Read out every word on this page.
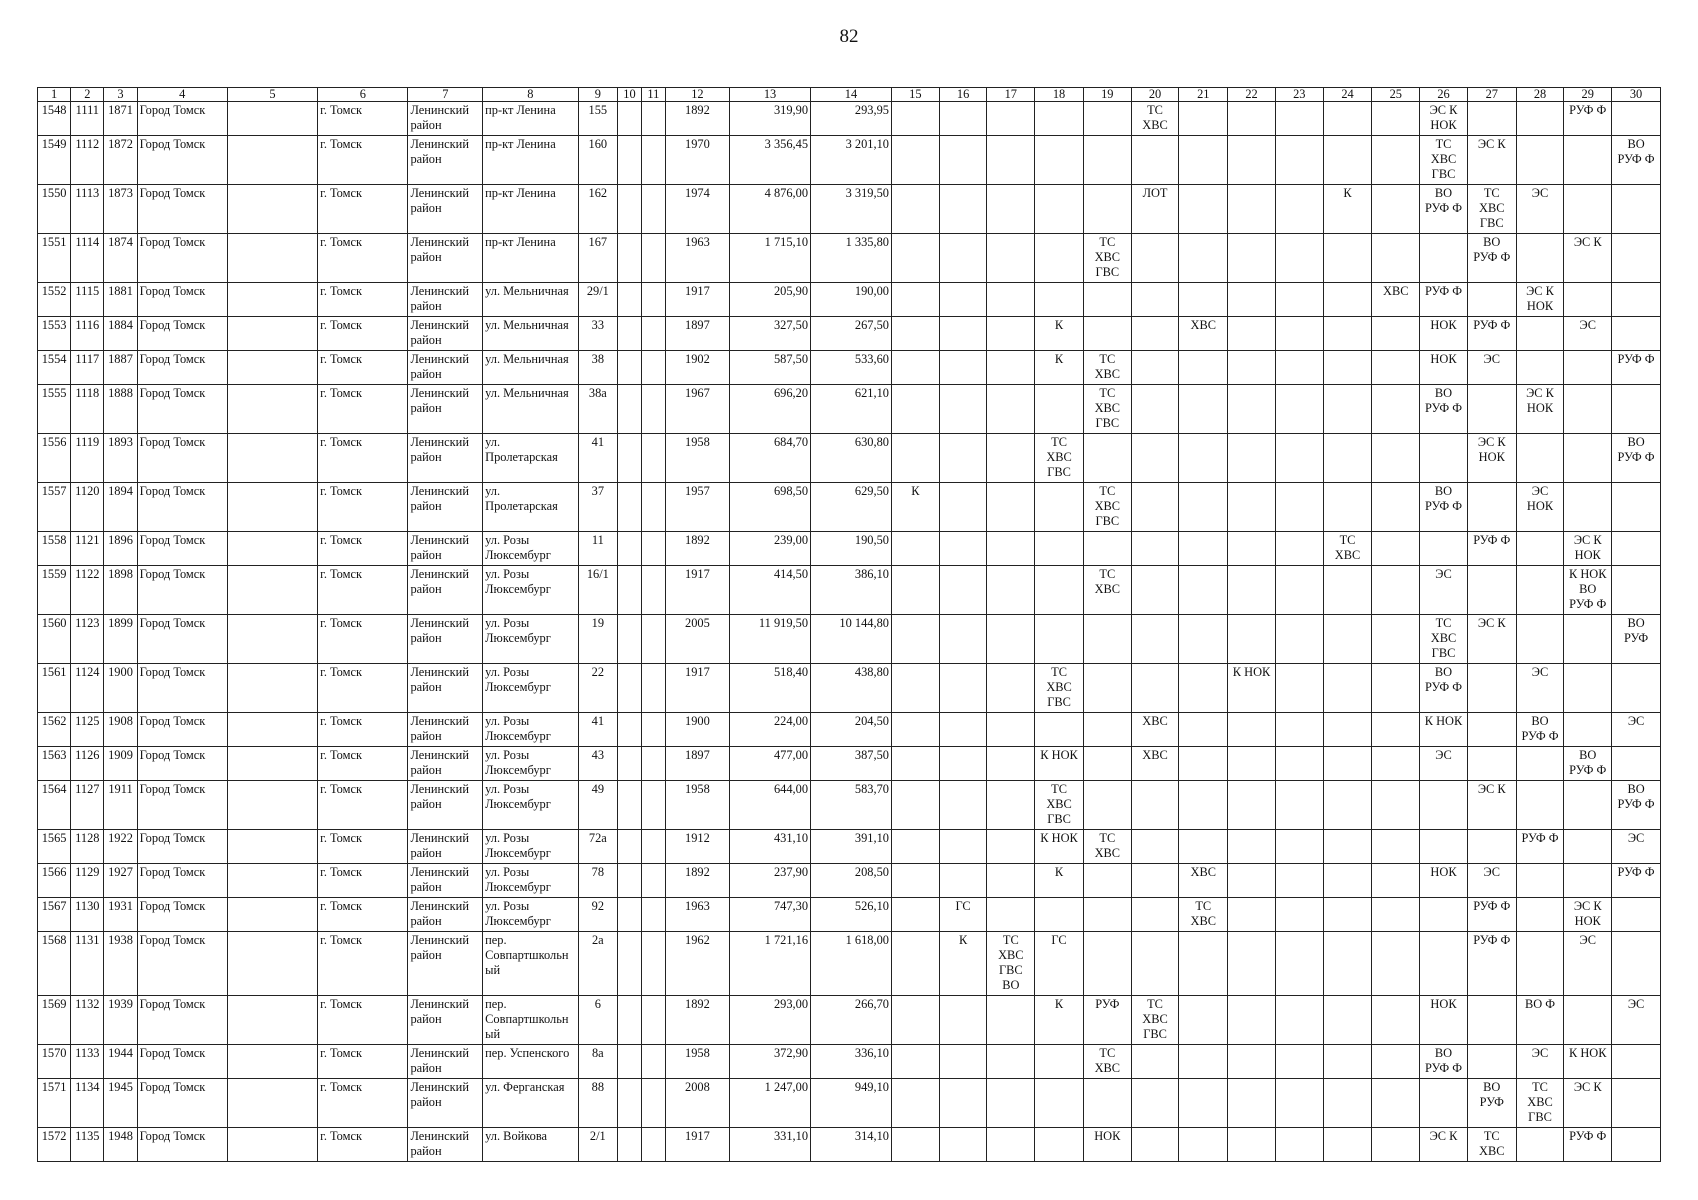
82
1	2	3	4	5	6	7	8	9	10	11	12	13	14	15	16	17	18	19	20	21	22	23	24	25	26	27	28	29	30
1548	1111	1871	Город Томск		г. Томск	Ленинский
район	пр-кт Ленина	155			1892	319,90	293,95						ТС
ХВС						ЭС К
НОК			РУФ Ф	
1549	1112	1872	Город Томск		г. Томск	Ленинский
район	пр-кт Ленина	160			1970	3 356,45	3 201,10												ТС
ХВС
ГВС	ЭС К			ВО
РУФ Ф
1550	1113	1873	Город Томск		г. Томск	Ленинский
район	пр-кт Ленина	162			1974	4 876,00	3 319,50						ЛОТ				К		ВО
РУФ Ф	ТС
ХВС
ГВС	ЭС		
1551	1114	1874	Город Томск		г. Томск	Ленинский
район	пр-кт Ленина	167			1963	1 715,10	1 335,80					ТС
ХВС
ГВС								ВО
РУФ Ф		ЭС К	
1552	1115	1881	Город Томск		г. Томск	Ленинский
район	ул. Мельничная	29/1			1917	205,90	190,00											ХВС	РУФ Ф		ЭС К
НОК		
1553	1116	1884	Город Томск		г. Томск	Ленинский
район	ул. Мельничная	33			1897	327,50	267,50				К			ХВС					НОК	РУФ Ф		ЭС	
1554	1117	1887	Город Томск		г. Томск	Ленинский
район	ул. Мельничная	38			1902	587,50	533,60				К	ТС
ХВС							НОК	ЭС			РУФ Ф
1555	1118	1888	Город Томск		г. Томск	Ленинский
район	ул. Мельничная	38а			1967	696,20	621,10					ТС
ХВС
ГВС							ВО
РУФ Ф		ЭС К
НОК		
1556	1119	1893	Город Томск		г. Томск	Ленинский
район	ул.
Пролетарская	41			1958	684,70	630,80				ТС
ХВС
ГВС									ЭС К
НОК			ВО
РУФ Ф
1557	1120	1894	Город Томск		г. Томск	Ленинский
район	ул.
Пролетарская	37			1957	698,50	629,50	К				ТС
ХВС
ГВС							ВО
РУФ Ф		ЭС
НОК		
1558	1121	1896	Город Томск		г. Томск	Ленинский
район	ул. Розы
Люксембург	11			1892	239,00	190,50										ТС
ХВС			РУФ Ф		ЭС К
НОК	
1559	1122	1898	Город Томск		г. Томск	Ленинский
район	ул. Розы
Люксембург	16/1			1917	414,50	386,10					ТС
ХВС							ЭС			К НОК
ВО
РУФ Ф	
1560	1123	1899	Город Томск		г. Томск	Ленинский
район	ул. Розы
Люксембург	19			2005	11 919,50	10 144,80												ТС
ХВС
ГВС	ЭС К			ВО
РУФ
1561	1124	1900	Город Томск		г. Томск	Ленинский
район	ул. Розы
Люксембург	22			1917	518,40	438,80				ТС
ХВС
ГВС				К НОК				ВО
РУФ Ф		ЭС		
1562	1125	1908	Город Томск		г. Томск	Ленинский
район	ул. Розы
Люксембург	41			1900	224,00	204,50						ХВС						К НОК		ВО
РУФ Ф		ЭС
1563	1126	1909	Город Томск		г. Томск	Ленинский
район	ул. Розы
Люксембург	43			1897	477,00	387,50				К НОК		ХВС						ЭС			ВО
РУФ Ф	
1564	1127	1911	Город Томск		г. Томск	Ленинский
район	ул. Розы
Люксембург	49			1958	644,00	583,70				ТС
ХВС
ГВС									ЭС К			ВО
РУФ Ф
1565	1128	1922	Город Томск		г. Томск	Ленинский
район	ул. Розы
Люксембург	72а			1912	431,10	391,10				К НОК	ТС
ХВС									РУФ Ф		ЭС
1566	1129	1927	Город Томск		г. Томск	Ленинский
район	ул. Розы
Люксембург	78			1892	237,90	208,50				К			ХВС					НОК	ЭС			РУФ Ф
1567	1130	1931	Город Томск		г. Томск	Ленинский
район	ул. Розы
Люксембург	92			1963	747,30	526,10		ГС					ТС
ХВС						РУФ Ф		ЭС К
НОК	
1568	1131	1938	Город Томск		г. Томск	Ленинский
район	пер.
Совпартшкольн
ый	2а			1962	1 721,16	1 618,00		К	ТС
ХВС
ГВС
ВО	ГС									РУФ Ф		ЭС	
1569	1132	1939	Город Томск		г. Томск	Ленинский
район	пер.
Совпартшкольн
ый	6			1892	293,00	266,70				К	РУФ	ТС
ХВС
ГВС						НОК		ВО Ф		ЭС
1570	1133	1944	Город Томск		г. Томск	Ленинский
район	пер. Успенского	8а			1958	372,90	336,10					ТС
ХВС							ВО
РУФ Ф		ЭС	К НОК	
1571	1134	1945	Город Томск		г. Томск	Ленинский
район	ул. Ферганская	88			2008	1 247,00	949,10													ВО
РУФ	ТС
ХВС
ГВС	ЭС К	
1572	1135	1948	Город Томск		г. Томск	Ленинский
район	ул. Войкова	2/1			1917	331,10	314,10					НОК							ЭС К	ТС
ХВС		РУФ Ф	
